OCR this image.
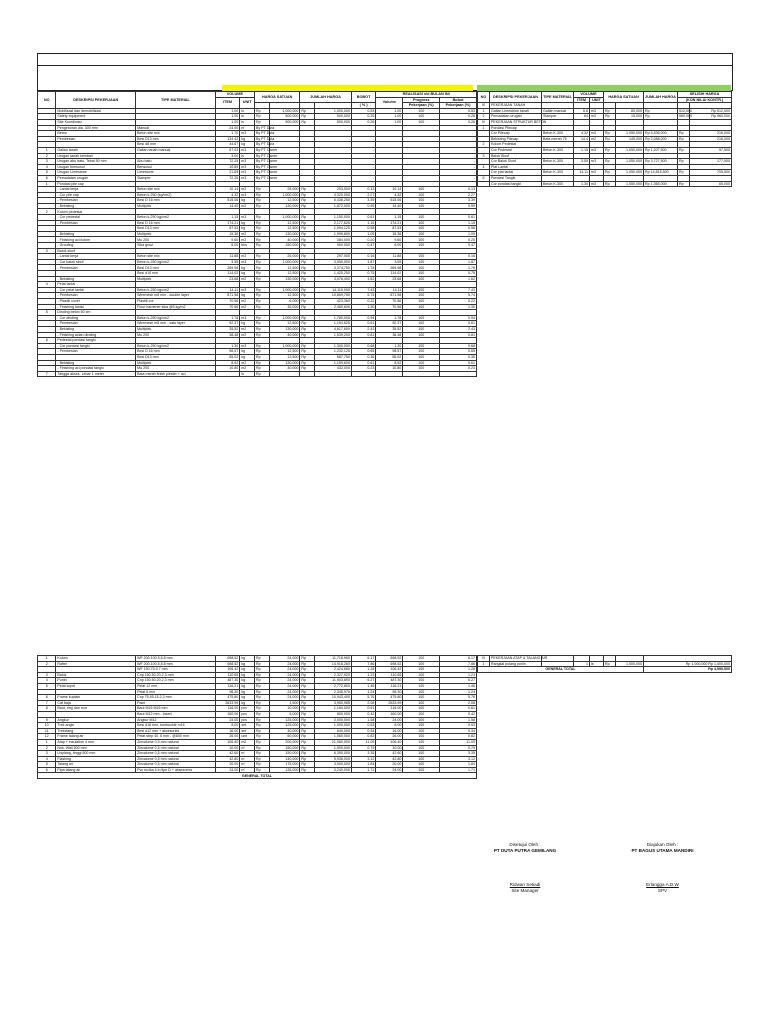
NO	DESKRIPSI PEKERJAAN	TIPE MATERIAL	VOLUME		HARGA SATUAN		JUMLAH HARGA		BOBOT	REALISASI s/d BULAN INI		
			ITEM	UNIT						Volume	Progress	Bobot
									( % )		Pekerjaan (%)	Pekerjaan (%)
	Mobilisasi dan demobilisasi		1.00	ls	Rp	1,000,000	Rp	1,000,000	0.53	1.00	100	0.53
	Safety equipment		1.00	ls	Rp	500,000	Rp	500,000	0.26	1.00	100	0.26
	Site Koordinasi		1.00	ls	Rp	500,000	Rp	500,000	0.26	1.00	100	0.26
	Pengeboran dia. 300 mm	Manual	24.00	m'	By PT Duta							
	Beton	Beton site mix	1.70	m3	By PT Duta							
	Pembesian	Besi D13 mm	134.42	kg	By PT Duta							
		Besi d8 mm	44.67	kg	By PT Duta							
1	Galian tanah	Galian tanah manual	57.03	m3	By PT Owner				-			-
2	Urugan tanah kembali		3.00	ls	By PT Owner				-			-
3	Urugan abu batu, Tebal 50 mm	Abu batu	72.25	m3	By PT Owner				-			-
4	Urugan bensosol	Bensosol	10.89	m3	By PT Owner				-			-
5	Urugan Limestone	Limestone	21.69	m3	By PT Owner				-			-
6	Pemadatan urugan	Stamper	72.25	m3	By PT Owner				-			-
1	Pondasi pile cap											
	- Lantai kerja	Beton site mix	10.14	m2	Rp	25,000	Rp	253,500	0.13	10.14	100	0.13
	- Cor pile cap	Beton k-250 (kg/cm2)	4.32	m3	Rp	1,000,000	Rp	4,320,000	2.27	4.32	100	2.27
	- Pembesian	Besi D 16 mm	515.06	kg	Rp	12,500	Rp	6,438,250	3.39	515.06	100	3.39
	- Bekisting	Multiplek	14.40	m2	Rp	130,000	Rp	1,872,000	0.99	14.40	100	0.99
2	Kolom pedestal											
	- Cor pedestal	Beton k-250 kg/cm2	1.15	m3	Rp	1,000,000	Rp	1,150,000	0.61	1.15	100	0.61
	- Pembesian	Besi D 16 mm	174.21	kg	Rp	12,500	Rp	2,177,625	1.15	174.21	100	1.15
		Besi D13 mm	87.53	kg	Rp	12,500	Rp	1,094,125	0.58	87.53	100	0.58
	- Bekisting	Multiplek	15.36	m2	Rp	130,000	Rp	1,996,800	1.05	15.36	100	1.05
	- Finishing aci kolom	Mu 200	9.60	m2	Rp	40,000	Rp	384,000	0.20	9.60	100	0.20
	- Grouting	Sika grout	6.00	bks	Rp	150,000	Rp	900,000	0.47	6.00	100	0.47
3	Balok sloof											
	- Lantai kerja	Beton site mix	11.88	m2	Rp	25,000	Rp	297,000	0.16	11.88	100	0.16
	- Cor balok sloof	Beton k-250 kg/cm2	3.55	m3	Rp	1,000,000	Rp	3,550,000	1.87	3.55	100	1.87
	- Pembesian	Besi D13 mm	269.98	kg	Rp	12,500	Rp	3,374,750	1.78	269.98	100	1.78
		Besi d10 mm	114.02	kg	Rp	12,500	Rp	1,425,250	0.75	114.02	100	0.75
	- Bekisting	Multiplek	23.68	m2	Rp	130,000	Rp	3,078,400	1.62	23.68	100	1.62
4	Pelat lantai											
	- Cor pelat lantai	Beton k-250 kg/cm2	14.11	m3	Rp	1,000,000	Rp	14,110,000	7.43	14.11	100	7.43
	- Pembesian	Wiremesh m8 mm - double layer	871.98	kg	Rp	12,500	Rp	10,899,750	5.74	871.98	100	5.74
	- Plastik cover	Plastik cor	70.56	m2	Rp	6,000	Rp	423,360	0.22	70.56	100	0.22
	- Finishing lantai	Floor hardener sika @5 kg/m2	70.56	m2	Rp	35,000	Rp	2,469,600	1.30	70.56	100	1.30
5	Dinding beton 60 cm											
	- Cor dinding	Beton k-250 kg/cm2	1.78	m3	Rp	1,000,000	Rp	1,780,000	0.94	1.78	100	0.94
	- Pembesian	Wiremesh m8 mm - satu layer	92.37	kg	Rp	12,500	Rp	1,154,625	0.61	92.37	100	0.61
	- Bekisting	Multiplek	35.52	m2	Rp	130,000	Rp	4,617,600	2.43	35.52	100	2.43
	- Finishing acian dinding	Mu 200	38.48	m2	Rp	40,000	Rp	1,539,200	0.81	38.48	100	0.81
6	Pedestal pondasi tangki											
	- Cor pondasi tangki	Beton k-250 kg/cm2	1.30	m3	Rp	1,000,000	Rp	1,300,000	0.68	1.30	100	0.68
	- Pembesian	Besi D 16 mm	98.57	kg	Rp	12,500	Rp	1,232,125	0.65	98.57	100	0.65
		Besi D13 mm	55.02	kg	Rp	12,500	Rp	687,750	0.36	55.02	100	0.36
	- Bekisting	Multiplek	8.92	m2	Rp	130,000	Rp	1,159,600	0.61	8.92	100	0.61
	- Finishing aci pondasi tangki	Mu 200	10.80	m2	Rp	40,000	Rp	432,000	0.23	10.80	100	0.23
7	Tangga akses. Lebar 1 meter	Bata merah finish plester + aci		ls	Rp							
NO	DESKRIPSI PEKERJAAN	TIPE MATERIAL	VOLUME		HARGA SATUAN		JUMLAH HARGA	SELISIH HARGA	
			ITEM	UNIT					
								(KON NILAI KONTR.)	
III	PEKERJAAN TANAH								
1	Galian Limestone tanah	Galian manual	6.6	m3	Rp	80,000	Rp	512,000	Rp 512,000
2	Pemadatan urugan	Stamper	64	m3	Rp	15,000	Rp	960,000	Rp 960,000
IV	PEKERJAAN STRUKTUR BETON								
1	Pondasi Pilecap								
	Cor Pilecap	Beton K-300	4.32	m3	Rp	1,050,000	Rp 4,536,000	Rp	216,000
	Bekisting Pilecap	Bata merah 75	14.4	m2	Rp	145,000	Rp 2,088,000	Rp	216,000
2	Kolom Pedestal								
	Cor Pedestal	Beton K-300	1.15	m3	Rp	1,050,000	Rp 1,207,500	Rp	57,500
3	Balok Sloof								
	Cor Balok Sloof	Beton K-300	3.55	m3	Rp	1,050,000	Rp 3,727,500	Rp	177,500
4	Plat Lantai								
	Cor plat lantai	Beton K-300	14.11	m3	Rp	1,050,000	Rp 14,815,500	Rp	705,500
6	Pondasi Tangki								
	Cor pondasi tangki	Beton K-300	1.30	m3	Rp	1,050,000	Rp 1,365,000	Rp	65,000
1	Kolom	WF 200.100.5,5.8 mm	698.52	kg	Rp	24,000	Rp	11,718,960	6.17	698.52	100	6.17
2	Rafter	WF 200.100.5,5.8 mm	698.52	kg	Rp	24,000	Rp	14,918,260	7.86	698.52	100	7.86
		WF 150.75.5.7 mm	106.42	kg	Rp	24,000	Rp	2,424,660	1.28	106.42	100	1.28
3	Balok	Cnp 150.50.20.2,3 mm	110.65	kg	Rp	24,000	Rp	2,327,920	1.23	110.65	100	1.23
4	Purlin	Cnp 150.50.20.2,3 mm	487.30	kg	Rp	24,000	Rp	11,903,890	6.27	487.30	100	6.27
5	Pelat kopel	Pelat 12 mm	116.21	kg	Rp	24,000	Rp	2,772,800	1.46	116.21	100	1.46
		Pelat 6 mm	98.30	kg	Rp	24,000	Rp	2,345,970	1.24	98.30	100	1.24
6	Frame kuplain	Cnp 75.45.15.2,3 mm	475.80	kg	Rp	24,000	Rp	10,943,400	5.76	475.80	100	5.76
7	Cat baja	Paint	2633.99	kg	Rp	1,500	Rp	3,950,985	2.08	2633.99	100	2.08
8	Baut, ring dan mur	Baut M16 M16 mm	116.00	pcs	Rp	10,000	Rp	1,160,000	0.61	116.00	100	0.61
		Baut M12 mm - Insert	160.00	pcs	Rp	5,000	Rp	800,000	0.42	160.00	100	0.42
9	Angkur	Angkur M12	24.00	pcs	Rp	125,000	Rp	3,000,000	1.58	24.00	100	1.58
10	Trek angin	Besi d16 mm, turnbuckle m16	8.00	set	Rp	125,000	Rp	1,000,000	0.53	8.00	100	0.53
11	Trekstang	Besi d12 mm + aksesories	16.00	set	Rp	40,000	Rp	640,000	0.34	16.00	100	0.34
12	Frame talang air	Pelat strip 40. 6 mm - @800 mm	26.00	unit	Rp	60,000	Rp	1,560,000	0.82	26.00	100	0.82
1	Atap + insulation 4 mm	Zincalume 0,5 mm natural	106.40	m2	Rp	200,000	Rp	21,080,000	11.09	106.40	100	11.09
2	Nok. Wall 500 mm	Zincalume 0,5 mm natural	10.00	m'	Rp	150,000	Rp	1,500,000	0.79	10.00	100	0.79
3	Lisplang, tinggi 500 mm	Zincalume 0,5 mm natural	42.60	m'	Rp	150,000	Rp	6,390,000	3.35	42.60	100	3.35
4	Flashing	Zincalume 0,5 mm natural	42.80	m'	Rp	140,000	Rp	5,936,000	3.12	42.80	100	3.12
5	Talang air	Zincalume 0,5 mm natural	20.00	m'	Rp	175,000	Rp	3,500,000	1.84	20.00	100	1.84
6	Pipa talang air	Pvc rucika 4 in tipe D + aksesories	24.00	m'	Rp	135,000	Rp	3,240,000	1.71	24.00	100	1.71
GENERAL TOTAL												
VI	PEKERJAAN ATAP & TALANG AIR						
1	Rangkai polang purlin		1	ls	Rp	1,000,000	Rp 1,000,000 Rp 1,000,000
GENERAL TOTAL							Rp 4,999,500
Disetujui Oleh :
PT DUTA PUTRA GEMILANG
Ridwan Setiadi
Site Manager
Diajukan Oleh :
PT BAGUS UTAMA MANDIRI
Erlangga A.D.W
SPV
